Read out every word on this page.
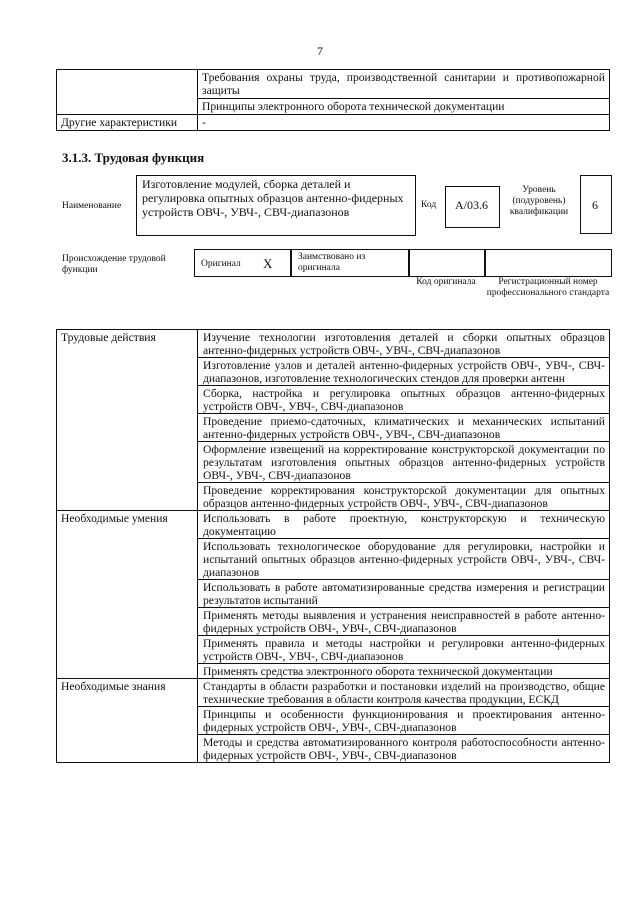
7
	Требования охраны труда, производственной санитарии и противопожарной защиты
	Принципы электронного оборота технической документации
Другие характеристики	-
3.1.3. Трудовая функция
Наименование
Изготовление модулей, сборка деталей и регулировка опытных образцов антенно-фидерных устройств ОВЧ-, УВЧ-, СВЧ-диапазонов	Код	A/03.6
Уровень (подуровень) квалификации	6
Происхождение трудовой функции
Оригинал X	Заимствовано из оригинала
Код оригинала	Регистрационный номер профессионального стандарта
Трудовые действия	Изучение технологии изготовления деталей и сборки опытных образцов антенно-фидерных устройств ОВЧ-, УВЧ-, СВЧ-диапазонов
	Изготовление узлов и деталей антенно-фидерных устройств ОВЧ-, УВЧ-, СВЧ-диапазонов, изготовление технологических стендов для проверки антенн
	Сборка, настройка и регулировка опытных образцов антенно-фидерных устройств ОВЧ-, УВЧ-, СВЧ-диапазонов
	Проведение приемо-сдаточных, климатических и механических испытаний антенно-фидерных устройств ОВЧ-, УВЧ-, СВЧ-диапазонов
	Оформление извещений на корректирование конструкторской документации по результатам изготовления опытных образцов антенно-фидерных устройств ОВЧ-, УВЧ-, СВЧ-диапазонов
	Проведение корректирования конструкторской документации для опытных образцов антенно-фидерных устройств ОВЧ-, УВЧ-, СВЧ-диапазонов
Необходимые умения	Использовать в работе проектную, конструкторскую и техническую документацию
	Использовать технологическое оборудование для регулировки, настройки и испытаний опытных образцов антенно-фидерных устройств ОВЧ-, УВЧ-, СВЧ-диапазонов
	Использовать в работе автоматизированные средства измерения и регистрации результатов испытаний
	Применять методы выявления и устранения неисправностей в работе антенно-фидерных устройств ОВЧ-, УВЧ-, СВЧ-диапазонов
	Применять правила и методы настройки и регулировки антенно-фидерных устройств ОВЧ-, УВЧ-, СВЧ-диапазонов
	Применять средства электронного оборота технической документации
Необходимые знания	Стандарты в области разработки и постановки изделий на производство, общие технические требования в области контроля качества продукции, ЕСКД
	Принципы и особенности функционирования и проектирования антенно-фидерных устройств ОВЧ-, УВЧ-, СВЧ-диапазонов
	Методы и средства автоматизированного контроля работоспособности антенно-фидерных устройств ОВЧ-, УВЧ-, СВЧ-диапазонов
